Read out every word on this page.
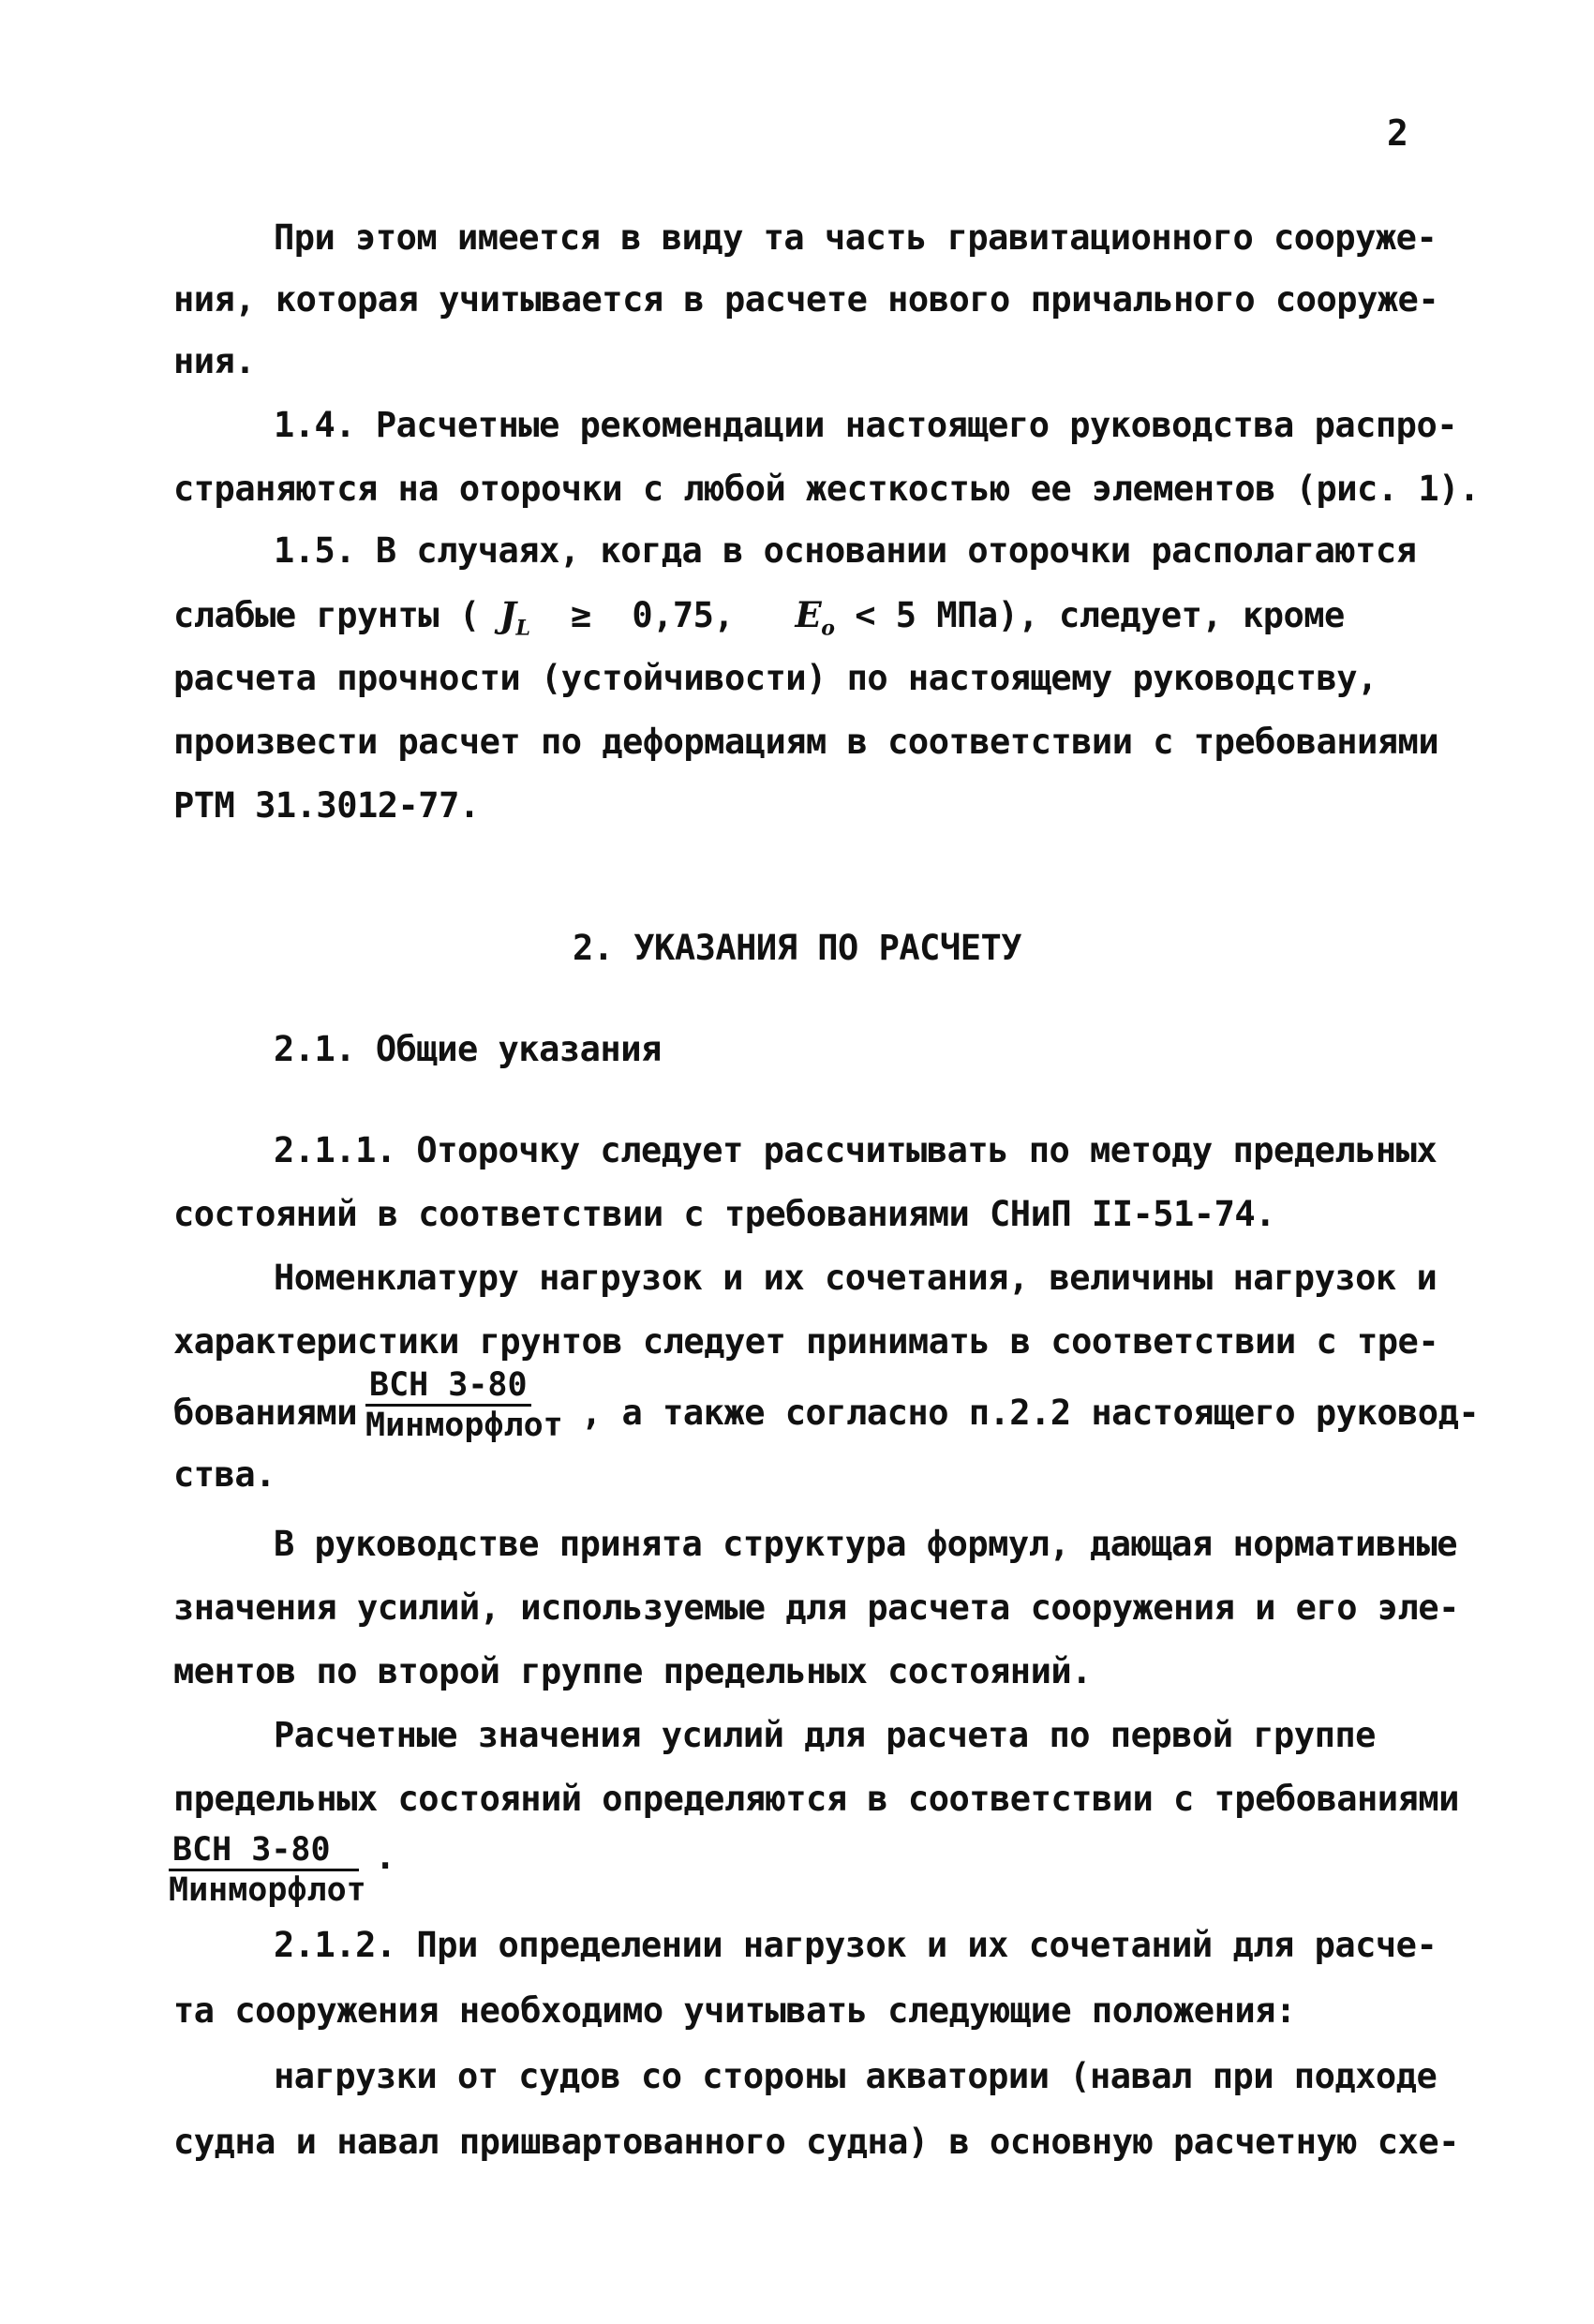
2
При этом имеется в виду та часть гравитационного сооруже-
ния, которая учитывается в расчете нового причального сооруже-
ния.
1.4. Расчетные рекомендации настоящего руководства распро-
страняются на оторочки с любой жесткостью ее элементов (рис. 1).
1.5. В случаях, когда в основании оторочки располагаются
слабые грунты ( $J_L \ge 0,75$, $E_o < 5$ МПа), следует, кроме
расчета прочности (устойчивости) по настоящему руководству,
произвести расчет по деформациям в соответствии с требованиями
РТМ 31.3012-77.
2. УКАЗАНИЯ ПО РАСЧЕТУ
2.1. Общие указания
2.1.1. Оторочку следует рассчитывать по методу предельных
состояний в соответствии с требованиями СНиП II-51-74.
Номенклатуру нагрузок и их сочетания, величины нагрузок и
характеристики грунтов следует принимать в соответствии с тре-
бованиями
ВСН 3-80
Минморфлот , а также согласно п.2.2 настоящего руковод-
ства.
В руководстве принята структура формул, дающая нормативные
значения усилий, используемые для расчета сооружения и его эле-
ментов по второй группе предельных состояний.
Расчетные значения усилий для расчета по первой группе
предельных состояний определяются в соответствии с требованиями
ВСН 3-80
Минморфлот
.
2.1.2. При определении нагрузок и их сочетаний для расче-
та сооружения необходимо учитывать следующие положения:
нагрузки от судов со стороны акватории (навал при подходе
судна и навал пришвартованного судна) в основную расчетную схе-
